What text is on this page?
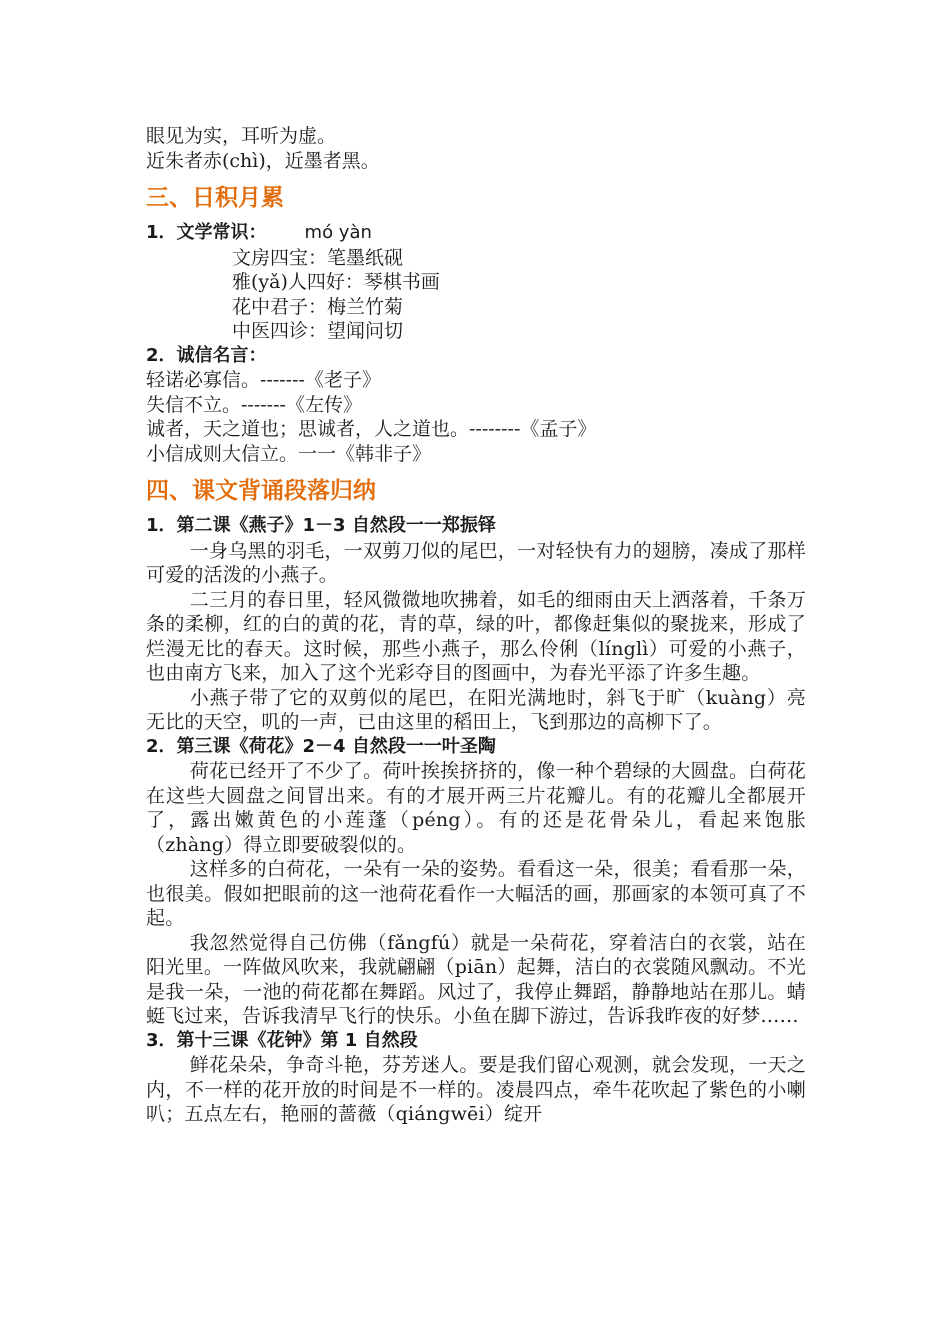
眼见为实，耳听为虚。
近朱者赤(chì)，近墨者黑。
三、日积月累
1．文学常识： mó yàn
文房四宝：笔墨纸砚
雅(yǎ)人四好：琴棋书画
花中君子：梅兰竹菊
中医四诊：望闻问切
2．诚信名言：
轻诺必寡信。-------《老子》
失信不立。-------《左传》
诚者，天之道也；思诚者，人之道也。--------《孟子》
小信成则大信立。一一《韩非子》
四、课文背诵段落归纳
1．第二课《燕子》1－3 自然段一一郑振铎
一身乌黑的羽毛，一双剪刀似的尾巴，一对轻快有力的翅膀，凑成了那样可爱的活泼的小燕子。
二三月的春日里，轻风微微地吹拂着，如毛的细雨由天上洒落着，千条万条的柔柳，红的白的黄的花，青的草，绿的叶，都像赶集似的聚拢来，形成了烂漫无比的春天。这时候，那些小燕子，那么伶俐（línglì）可爱的小燕子，也由南方飞来，加入了这个光彩夺目的图画中，为春光平添了许多生趣。
小燕子带了它的双剪似的尾巴，在阳光满地时，斜飞于旷（kuàng）亮无比的天空，叽的一声，已由这里的稻田上，飞到那边的高柳下了。
2．第三课《荷花》2－4 自然段一一叶圣陶
荷花已经开了不少了。荷叶挨挨挤挤的，像一种个碧绿的大圆盘。白荷花在这些大圆盘之间冒出来。有的才展开两三片花瓣儿。有的花瓣儿全都展开了，露出嫩黄色的小莲蓬（péng）。有的还是花骨朵儿，看起来饱胀（zhàng）得立即要破裂似的。
这样多的白荷花，一朵有一朵的姿势。看看这一朵，很美；看看那一朵，也很美。假如把眼前的这一池荷花看作一大幅活的画，那画家的本领可真了不起。
我忽然觉得自己仿佛（fǎngfú）就是一朵荷花，穿着洁白的衣裳，站在阳光里。一阵做风吹来，我就翩翩（piān）起舞，洁白的衣裳随风飘动。不光是我一朵，一池的荷花都在舞蹈。风过了，我停止舞蹈，静静地站在那儿。蜻蜓飞过来，告诉我清早飞行的快乐。小鱼在脚下游过，告诉我昨夜的好梦……
3．第十三课《花钟》第 1 自然段
鲜花朵朵，争奇斗艳，芬芳迷人。要是我们留心观测，就会发现，一天之内，不一样的花开放的时间是不一样的。凌晨四点，牵牛花吹起了紫色的小喇叭；五点左右，艳丽的蔷薇（qiángwēi）绽开
